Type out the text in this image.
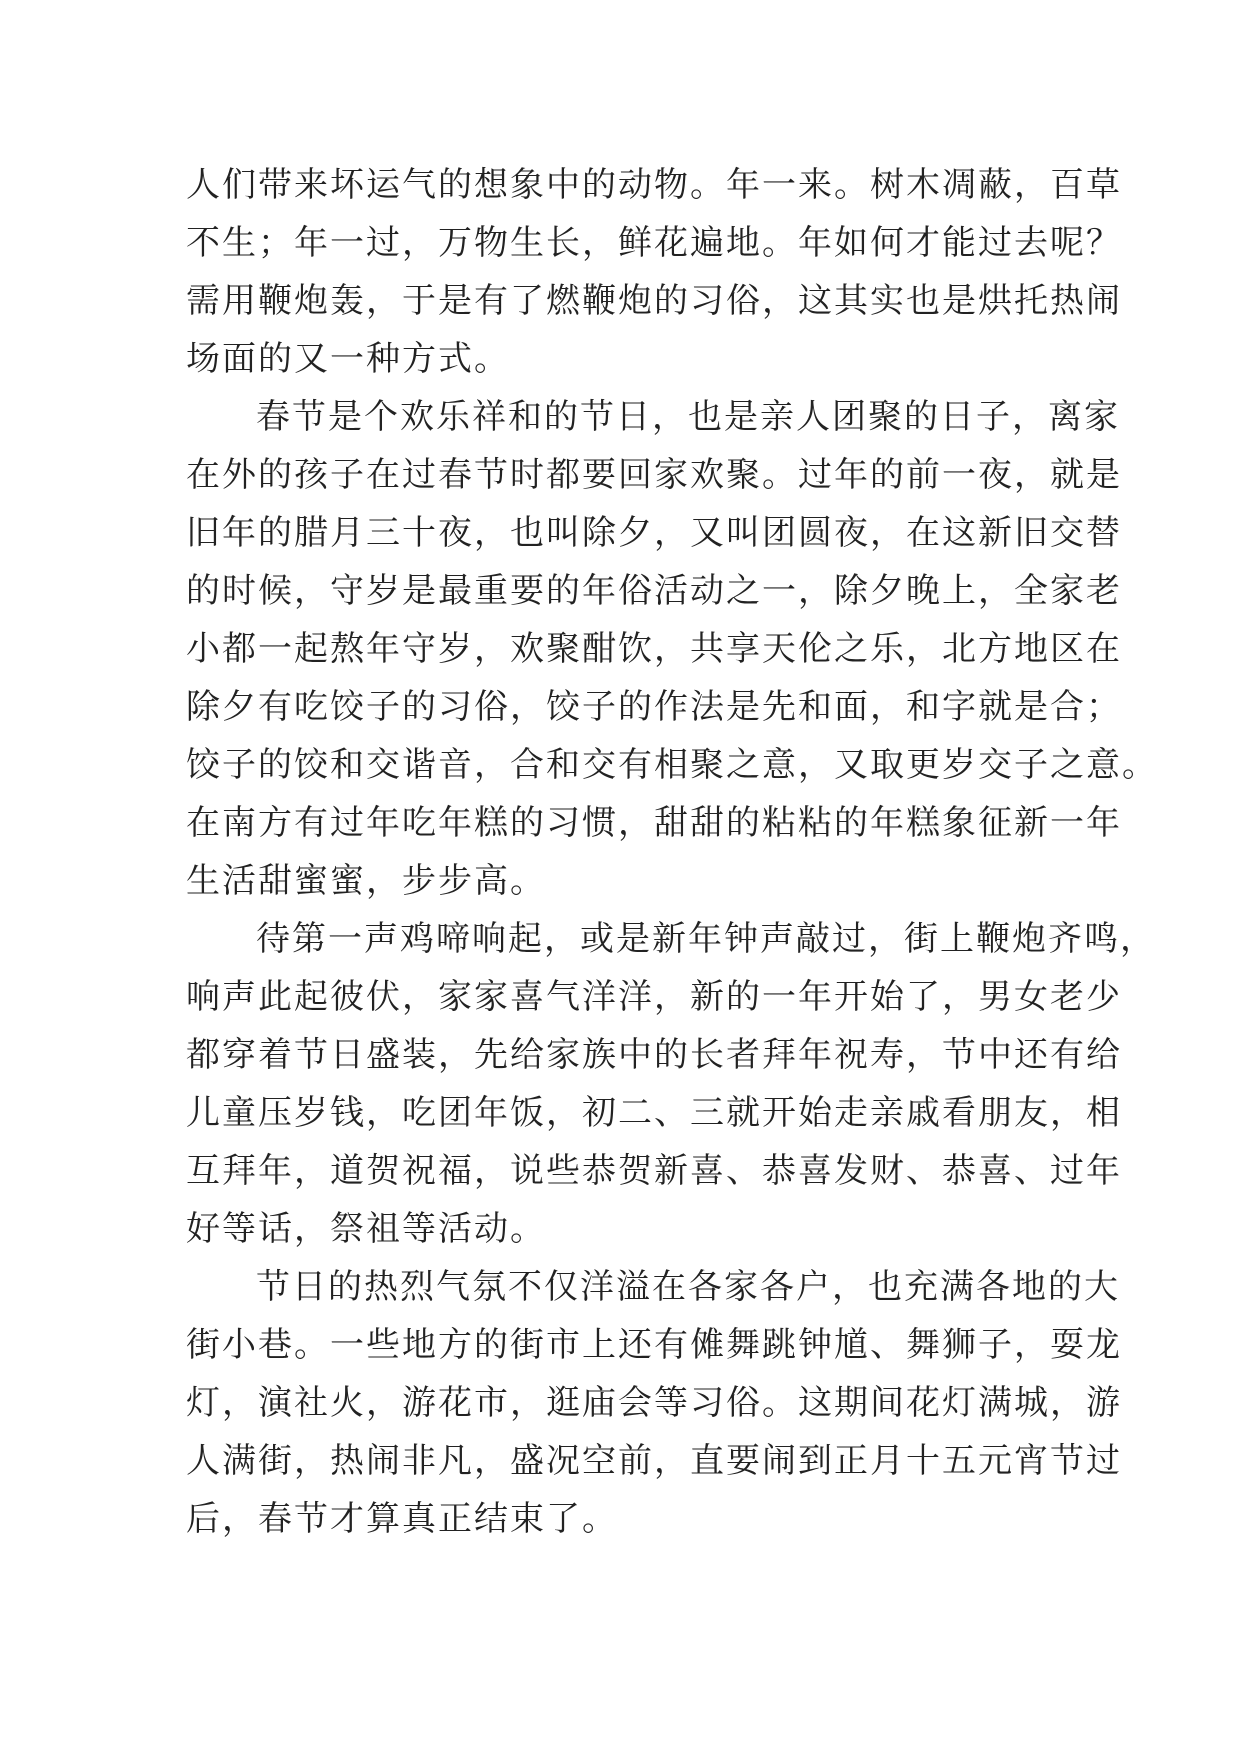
人们带来坏运气的想象中的动物。年一来。树木凋蔽，百草
不生；年一过，万物生长，鲜花遍地。年如何才能过去呢？
需用鞭炮轰，于是有了燃鞭炮的习俗，这其实也是烘托热闹
场面的又一种方式。
春节是个欢乐祥和的节日，也是亲人团聚的日子，离家
在外的孩子在过春节时都要回家欢聚。过年的前一夜，就是
旧年的腊月三十夜，也叫除夕，又叫团圆夜，在这新旧交替
的时候，守岁是最重要的年俗活动之一，除夕晚上，全家老
小都一起熬年守岁，欢聚酣饮，共享天伦之乐，北方地区在
除夕有吃饺子的习俗，饺子的作法是先和面，和字就是合；
饺子的饺和交谐音，合和交有相聚之意，又取更岁交子之意。
在南方有过年吃年糕的习惯，甜甜的粘粘的年糕象征新一年
生活甜蜜蜜，步步高。
待第一声鸡啼响起，或是新年钟声敲过，街上鞭炮齐鸣，
响声此起彼伏，家家喜气洋洋，新的一年开始了，男女老少
都穿着节日盛装，先给家族中的长者拜年祝寿，节中还有给
儿童压岁钱，吃团年饭，初二、三就开始走亲戚看朋友，相
互拜年，道贺祝福，说些恭贺新喜、恭喜发财、恭喜、过年
好等话，祭祖等活动。
节日的热烈气氛不仅洋溢在各家各户，也充满各地的大
街小巷。一些地方的街市上还有傩舞跳钟馗、舞狮子，耍龙
灯，演社火，游花市，逛庙会等习俗。这期间花灯满城，游
人满街，热闹非凡，盛况空前，直要闹到正月十五元宵节过
后，春节才算真正结束了。
